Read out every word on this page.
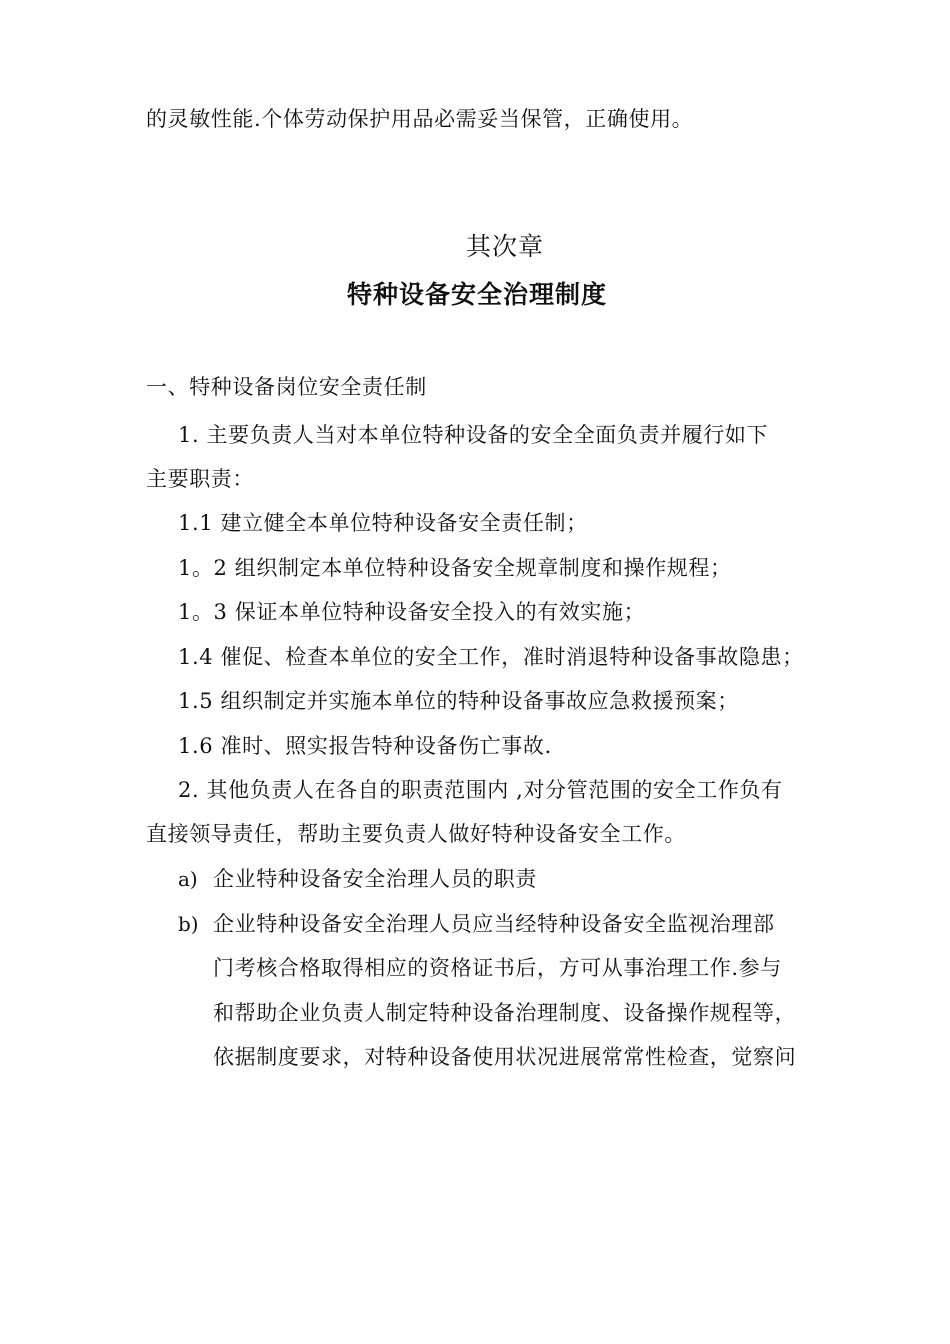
的灵敏性能.个体劳动保护用品必需妥当保管，正确使用。
其次章
特种设备安全治理制度
一、特种设备岗位安全责任制
1. 主要负责人当对本单位特种设备的安全全面负责并履行如下
主要职责：
1.1 建立健全本单位特种设备安全责任制；
1。2 组织制定本单位特种设备安全规章制度和操作规程；
1。3 保证本单位特种设备安全投入的有效实施；
1.4 催促、检查本单位的安全工作，准时消退特种设备事故隐患；
1.5 组织制定并实施本单位的特种设备事故应急救援预案；
1.6 准时、照实报告特种设备伤亡事故.
2. 其他负责人在各自的职责范围内 ,对分管范围的安全工作负有
直接领导责任，帮助主要负责人做好特种设备安全工作。
a) 企业特种设备安全治理人员的职责
b) 企业特种设备安全治理人员应当经特种设备安全监视治理部
门考核合格取得相应的资格证书后，方可从事治理工作.参与
和帮助企业负责人制定特种设备治理制度、设备操作规程等，
依据制度要求，对特种设备使用状况进展常常性检查，觉察问
